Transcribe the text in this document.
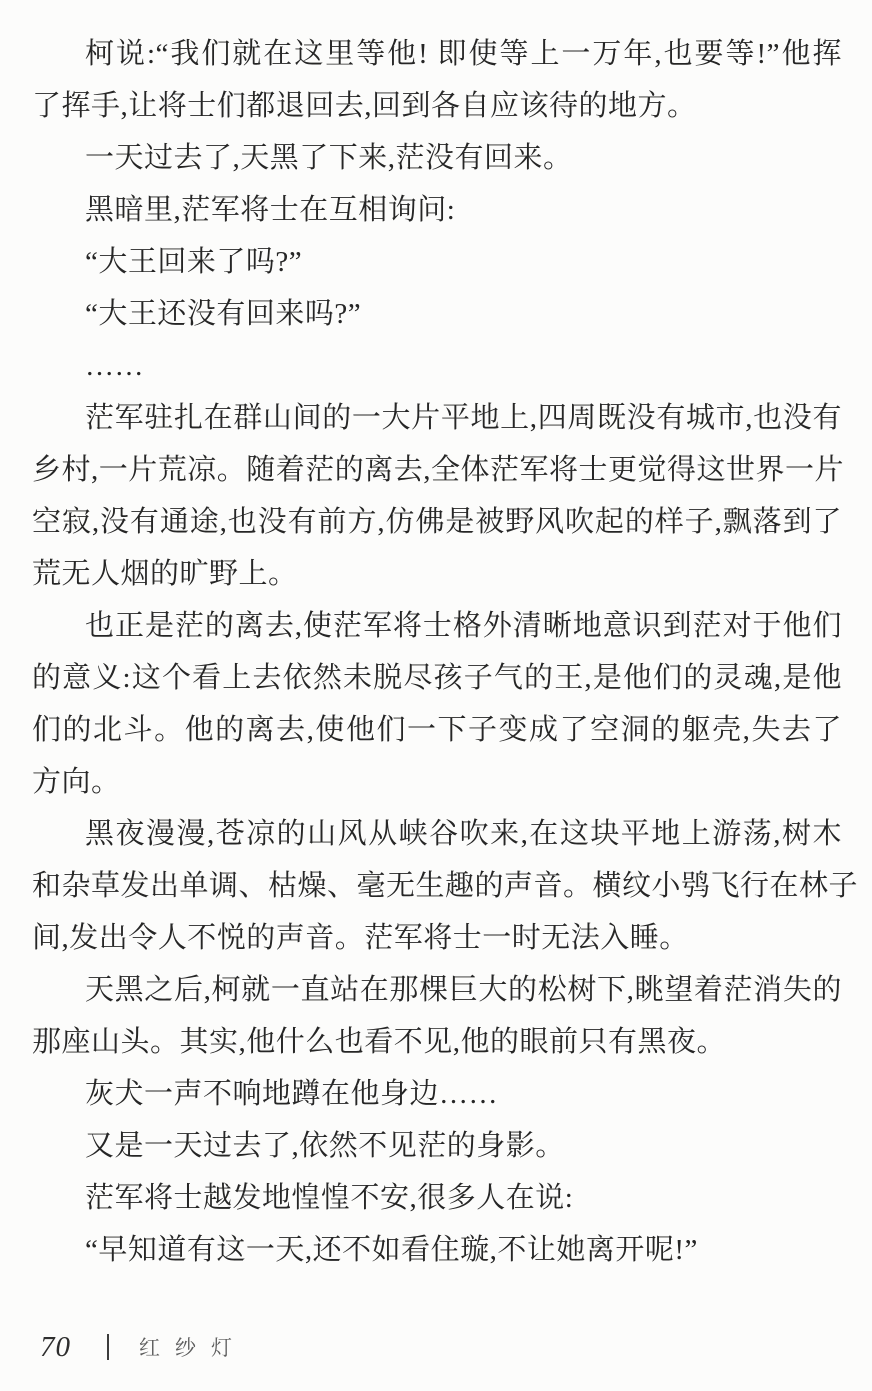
柯说:“我们就在这里等他! 即使等上一万年,也要等!”他挥
了挥手,让将士们都退回去,回到各自应该待的地方。
一天过去了,天黑了下来,茫没有回来。
黑暗里,茫军将士在互相询问:
“大王回来了吗?”
“大王还没有回来吗?”
……
茫军驻扎在群山间的一大片平地上,四周既没有城市,也没有
乡村,一片荒凉。随着茫的离去,全体茫军将士更觉得这世界一片
空寂,没有通途,也没有前方,仿佛是被野风吹起的样子,飘落到了
荒无人烟的旷野上。
也正是茫的离去,使茫军将士格外清晰地意识到茫对于他们
的意义:这个看上去依然未脱尽孩子气的王,是他们的灵魂,是他
们的北斗。他的离去,使他们一下子变成了空洞的躯壳,失去了
方向。
黑夜漫漫,苍凉的山风从峡谷吹来,在这块平地上游荡,树木
和杂草发出单调、枯燥、毫无生趣的声音。横纹小鸮飞行在林子
间,发出令人不悦的声音。茫军将士一时无法入睡。
天黑之后,柯就一直站在那棵巨大的松树下,眺望着茫消失的
那座山头。其实,他什么也看不见,他的眼前只有黑夜。
灰犬一声不响地蹲在他身边……
又是一天过去了,依然不见茫的身影。
茫军将士越发地惶惶不安,很多人在说:
“早知道有这一天,还不如看住璇,不让她离开呢!”
70	红纱灯
